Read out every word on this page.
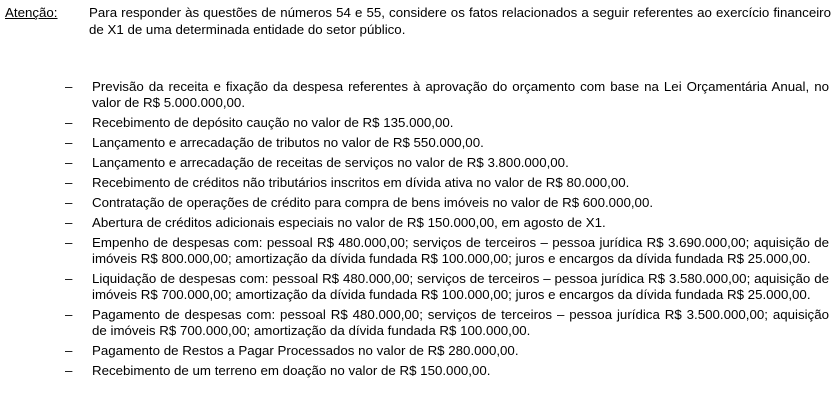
Atenção:	Para responder às questões de números 54 e 55, considere os fatos relacionados a seguir referentes ao exercício financeiro de X1 de uma determinada entidade do setor público.
–	Previsão da receita e fixação da despesa referentes à aprovação do orçamento com base na Lei Orçamentária Anual, no valor de R$ 5.000.000,00.
–	Recebimento de depósito caução no valor de R$ 135.000,00.
–	Lançamento e arrecadação de tributos no valor de R$ 550.000,00.
–	Lançamento e arrecadação de receitas de serviços no valor de R$ 3.800.000,00.
–	Recebimento de créditos não tributários inscritos em dívida ativa no valor de R$ 80.000,00.
–	Contratação de operações de crédito para compra de bens imóveis no valor de R$ 600.000,00.
–	Abertura de créditos adicionais especiais no valor de R$ 150.000,00, em agosto de X1.
–	Empenho de despesas com: pessoal R$ 480.000,00; serviços de terceiros – pessoa jurídica R$ 3.690.000,00; aquisição de imóveis R$ 800.000,00; amortização da dívida fundada R$ 100.000,00; juros e encargos da dívida fundada R$ 25.000,00.
–	Liquidação de despesas com: pessoal R$ 480.000,00; serviços de terceiros – pessoa jurídica R$ 3.580.000,00; aquisição de imóveis R$ 700.000,00; amortização da dívida fundada R$ 100.000,00; juros e encargos da dívida fundada R$ 25.000,00.
–	Pagamento de despesas com: pessoal R$ 480.000,00; serviços de terceiros – pessoa jurídica R$ 3.500.000,00; aquisição de imóveis R$ 700.000,00; amortização da dívida fundada R$ 100.000,00.
–	Pagamento de Restos a Pagar Processados no valor de R$ 280.000,00.
–	Recebimento de um terreno em doação no valor de R$ 150.000,00.
